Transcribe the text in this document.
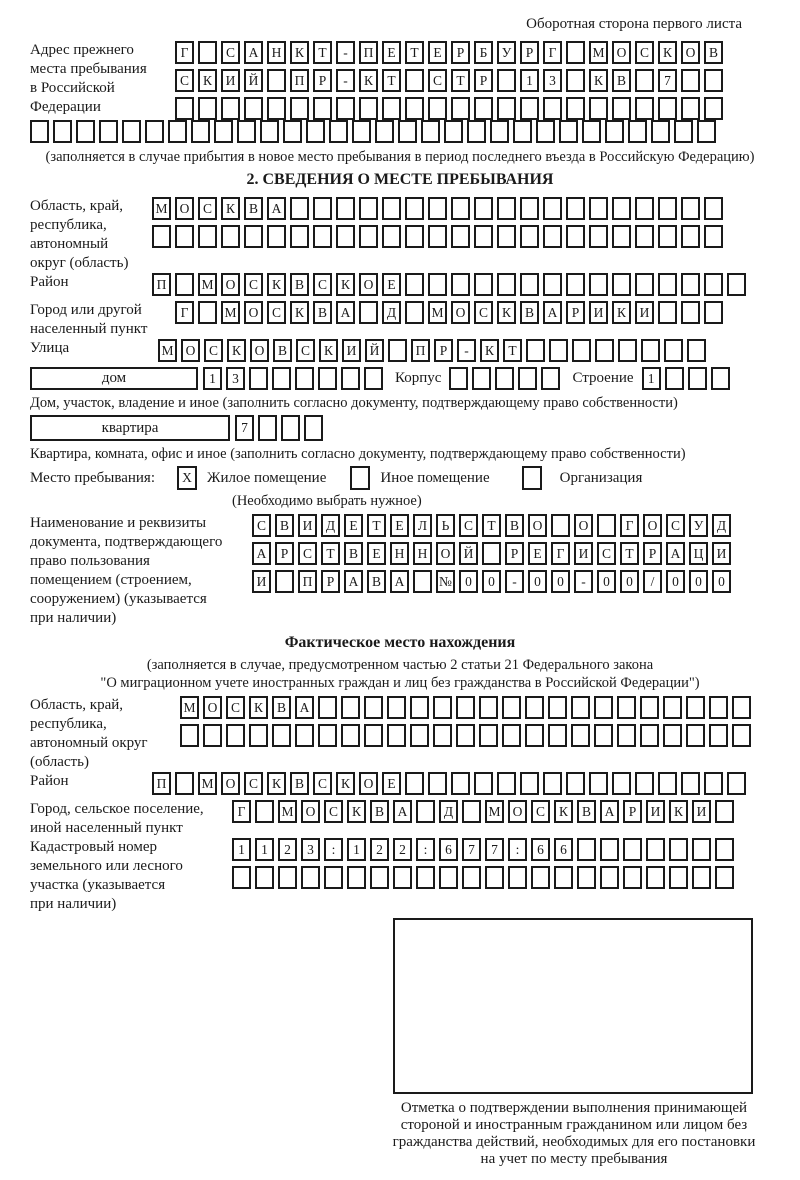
Оборотная сторона первого листа
Адрес прежнего
места пребывания
в Российской
Федерации
Г	С	А Н	К	Т	-	П	Е	Т	Е	Р	Б	У	Р	Г	М О	С	К	О	В
С	К	И Й	П	Р	-	К	Т	С	Т	Р	1	3	К	В	7
(заполняется в случае прибытия в новое место пребывания в период последнего въезда в Российскую Федерацию)
2. СВЕДЕНИЯ О МЕСТЕ ПРЕБЫВАНИЯ
Область, край,
республика,
автономный
округ (область)
М О	С	К	В	А
Район	П	М О	С	К	В	С	К	О	Е
Город или другой
населенный пункт
Г	М О	С	К	В	А	Д	М О	С	К	В	А	Р	И	К	И
Улица	М О	С	К	О	В	С	К	И Й	П	Р	-	К	Т
дом	1	3	Корпус	Строение	1
Дом, участок, владение и иное (заполнить согласно документу, подтверждающему право собственности)
квартира	7
Квартира, комната, офис и иное (заполнить согласно документу, подтверждающему право собственности)
Место пребывания:	X	Жилое помещение	Иное помещение	Организация
(Необходимо выбрать нужное)
Наименование и реквизиты
документа, подтверждающего
право пользования
помещением (строением,
сооружением) (указывается
при наличии)
С	В	И	Д	Е	Т	Е	Л	Ь	С	Т	В	О	О	Г	О	С	У	Д
А	Р	С	Т	В	Е	Н Н О Й	Р	Е	Г	И	С	Т	Р	А Ц И
И	П	Р	А	В	А	№ 0	0	-	0	0	-	0	0	/	0	0	0
Фактическое место нахождения
(заполняется в случае, предусмотренном частью 2 статьи 21 Федерального закона
"О миграционном учете иностранных граждан и лиц без гражданства в Российской Федерации")
Область, край,
республика,
автономный округ
(область)
М О	С	К	В	А
Район	П	М О	С	К	В	С	К	О	Е
Город, сельское поселение,
иной населенный пункт
Г	М О	С	К	В	А	Д	М О	С	К	В	А	Р	И	К	И
Кадастровый номер
земельного или лесного
участка (указывается
при наличии)
1	1	2	3	:	1	2	2	:	6	7	7	:	6	6
Отметка о подтверждении выполнения принимающей
стороной и иностранным гражданином или лицом без
гражданства действий, необходимых для его постановки
на учет по месту пребывания
